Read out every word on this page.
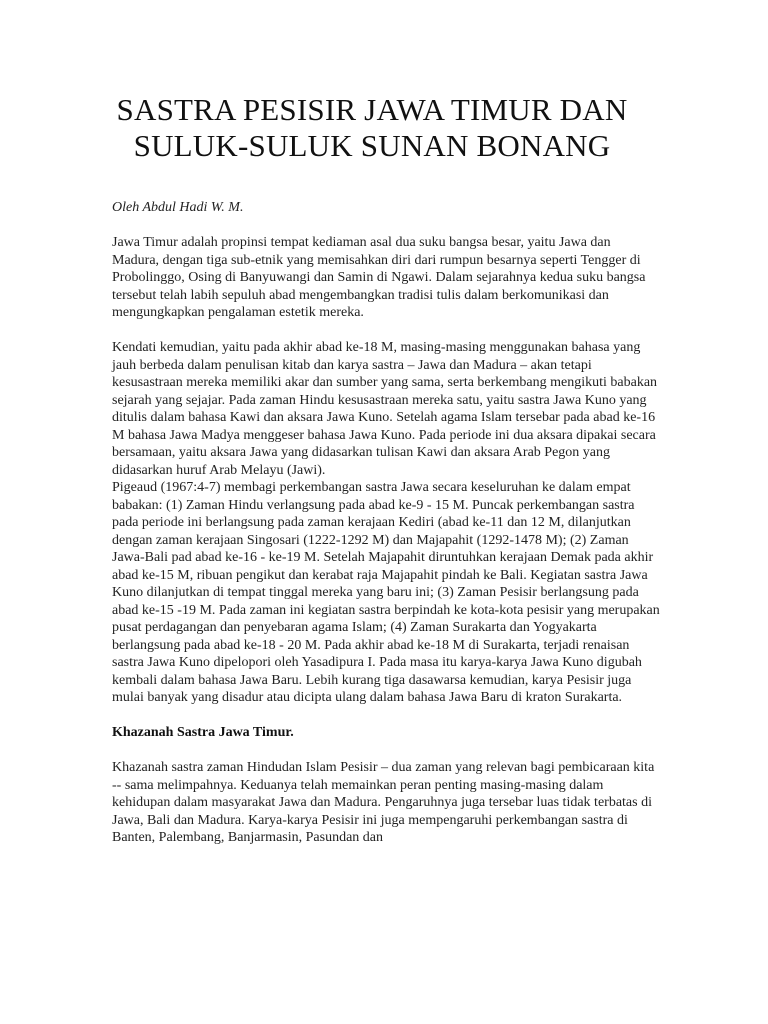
SASTRA PESISIR JAWA TIMUR DAN
SULUK-SULUK SUNAN BONANG

Oleh Abdul Hadi W. M.

Jawa Timur adalah propinsi tempat kediaman asal dua suku bangsa besar, yaitu Jawa dan Madura, dengan tiga sub-etnik yang memisahkan diri dari rumpun besarnya seperti Tengger di Probolinggo, Osing di Banyuwangi dan Samin di Ngawi. Dalam sejarahnya kedua suku bangsa tersebut telah labih sepuluh abad mengembangkan tradisi tulis dalam berkomunikasi dan mengungkapkan pengalaman estetik mereka.

Kendati kemudian, yaitu pada akhir abad ke-18 M, masing-masing menggunakan bahasa yang jauh berbeda dalam penulisan kitab dan karya sastra – Jawa dan Madura – akan tetapi kesusastraan mereka memiliki akar dan sumber yang sama, serta berkembang mengikuti babakan sejarah yang sejajar. Pada zaman Hindu kesusastraan mereka satu, yaitu sastra Jawa Kuno yang ditulis dalam bahasa Kawi dan aksara Jawa Kuno. Setelah agama Islam tersebar pada abad ke-16 M bahasa Jawa Madya menggeser bahasa Jawa Kuno. Pada periode ini dua aksara dipakai secara bersamaan, yaitu aksara Jawa yang didasarkan tulisan Kawi dan aksara Arab Pegon yang didasarkan huruf Arab Melayu (Jawi).

Pigeaud (1967:4-7) membagi perkembangan sastra Jawa secara keseluruhan ke dalam empat babakan: (1) Zaman Hindu verlangsung pada abad ke-9 - 15 M. Puncak perkembangan sastra pada periode ini berlangsung pada zaman kerajaan Kediri (abad ke-11 dan 12 M, dilanjutkan dengan zaman kerajaan Singosari (1222-1292 M) dan Majapahit (1292-1478 M); (2) Zaman Jawa-Bali pad abad ke-16 - ke-19 M. Setelah Majapahit diruntuhkan kerajaan Demak pada akhir abad ke-15 M, ribuan pengikut dan kerabat raja Majapahit pindah ke Bali. Kegiatan sastra Jawa Kuno dilanjutkan di tempat tinggal mereka yang baru ini; (3) Zaman Pesisir berlangsung pada abad ke-15 -19 M. Pada zaman ini kegiatan sastra berpindah ke kota-kota pesisir yang merupakan pusat perdagangan dan penyebaran agama Islam; (4) Zaman Surakarta dan Yogyakarta berlangsung pada abad ke-18 - 20 M. Pada akhir abad ke-18 M di Surakarta, terjadi renaisan sastra Jawa Kuno dipelopori oleh Yasadipura I. Pada masa itu karya-karya Jawa Kuno digubah kembali dalam bahasa Jawa Baru. Lebih kurang tiga dasawarsa kemudian, karya Pesisir juga mulai banyak yang disadur atau dicipta ulang dalam bahasa Jawa Baru di kraton Surakarta.

Khazanah Sastra Jawa Timur.

Khazanah sastra zaman Hindudan Islam Pesisir – dua zaman yang relevan bagi pembicaraan kita -- sama melimpahnya. Keduanya telah memainkan peran penting masing-masing dalam kehidupan dalam masyarakat Jawa dan Madura. Pengaruhnya juga tersebar luas tidak terbatas di Jawa, Bali dan Madura. Karya-karya Pesisir ini juga mempengaruhi perkembangan sastra di Banten, Palembang, Banjarmasin, Pasundan dan
